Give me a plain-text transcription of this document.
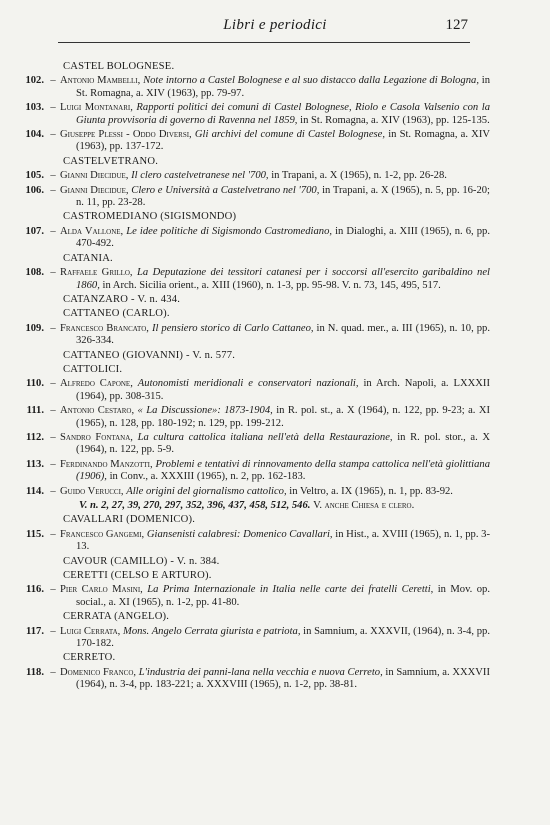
Libri e periodici	127
CASTEL BOLOGNESE.
102. – Antonio Mambelli, Note intorno a Castel Bolognese e al suo distacco dalla Legazione di Bologna, in St. Romagna, a. XIV (1963), pp. 79-97.
103. – Luigi Montanari, Rapporti politici dei comuni di Castel Bolognese, Riolo e Casola Valsenio con la Giunta provvisoria di governo di Ravenna nel 1859, in St. Romagna, a. XIV (1963), pp. 125-135.
104. – Giuseppe Plessi - Oddo Diversi, Gli archivi del comune di Castel Bolognese, in St. Romagna, a. XIV (1963), pp. 137-172.
CASTELVETRANO.
105. – Gianni Diecidue, Il clero castelvetranese nel '700, in Trapani, a. X (1965), n. 1-2, pp. 26-28.
106. – Gianni Diecidue, Clero e Università a Castelvetrano nel '700, in Trapani, a. X (1965), n. 5, pp. 16-20; n. 11, pp. 23-28.
CASTROMEDIANO (SIGISMONDO)
107. – Alda Vallone, Le idee politiche di Sigismondo Castromediano, in Dialoghi, a. XIII (1965), n. 6, pp. 470-492.
CATANIA.
108. – Raffaele Grillo, La Deputazione dei tessitori catanesi per i soccorsi all'esercito garibaldino nel 1860, in Arch. Sicilia orient., a. XIII (1960), n. 1-3, pp. 95-98. V. n. 73, 145, 495, 517.
CATANZARO - V. n. 434.
CATTANEO (CARLO).
109. – Francesco Brancato, Il pensiero storico di Carlo Cattaneo, in N. quad. mer., a. III (1965), n. 10, pp. 326-334.
CATTANEO (GIOVANNI) - V. n. 577.
CATTOLICI.
110. – Alfredo Capone, Autonomisti meridionali e conservatori nazionali, in Arch. Napoli, a. LXXXII (1964), pp. 308-315.
111. – Antonio Cestaro, « La Discussione»: 1873-1904, in R. pol. st., a. X (1964), n. 122, pp. 9-23; a. XI (1965), n. 128, pp. 180-192; n. 129, pp. 199-212.
112. – Sandro Fontana, La cultura cattolica italiana nell'età della Restaurazione, in R. pol. stor., a. X (1964), n. 122, pp. 5-9.
113. – Ferdinando Manzotti, Problemi e tentativi di rinnovamento della stampa cattolica nell'età giolittiana (1906), in Conv., a. XXXIII (1965), n. 2, pp. 162-183.
114. – Guido Verucci, Alle origini del giornalismo cattolico, in Veltro, a. IX (1965), n. 1, pp. 83-92.
V. n. 2, 27, 39, 270, 297, 352, 396, 437, 458, 512, 546. V. anche Chiesa e clero.
CAVALLARI (DOMENICO).
115. – Francesco Gangemi, Giansenisti calabresi: Domenico Cavallari, in Hist., a. XVIII (1965), n. 1, pp. 3-13.
CAVOUR (CAMILLO) - V. n. 384.
CERETTI (CELSO E ARTURO).
116. – Pier Carlo Masini, La Prima Internazionale in Italia nelle carte dei fratelli Ceretti, in Mov. op. social., a. XI (1965), n. 1-2, pp. 41-80.
CERRATA (ANGELO).
117. – Luigi Cerrata, Mons. Angelo Cerrata giurista e patriota, in Samnium, a. XXXVII, (1964), n. 3-4, pp. 170-182.
CERRETO.
118. – Domenico Franco, L'industria dei panni-lana nella vecchia e nuova Cerreto, in Samnium, a. XXXVII (1964), n. 3-4, pp. 183-221; a. XXXVIII (1965), n. 1-2, pp. 38-81.
